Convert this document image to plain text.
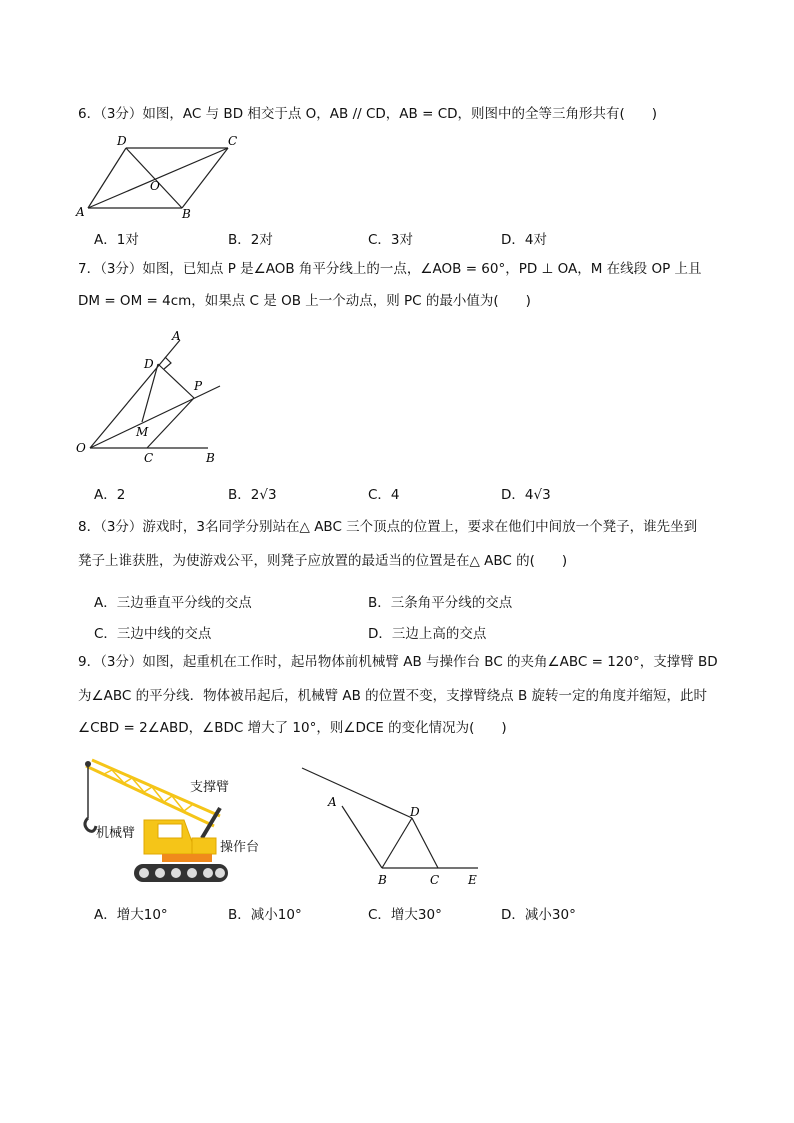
6．（3分）如图，AC 与 BD 相交于点 O，AB // CD，AB = CD，则图中的全等三角形共有(　　)
D	C
O
A	B
A．1对	B．2对	C．3对	D．4对
7．（3分）如图，已知点 P 是∠AOB 角平分线上的一点，∠AOB = 60°，PD ⊥ OA，M 在线段 OP 上且
DM = OM = 4cm，如果点 C 是 OB 上一个动点，则 PC 的最小值为(　　)
A
D
P
M
O
C	B
A．2	B．2√3	C．4	D．4√3
8．（3分）游戏时，3名同学分别站在△ ABC 三个顶点的位置上，要求在他们中间放一个凳子，谁先坐到
凳子上谁获胜，为使游戏公平，则凳子应放置的最适当的位置是在△ ABC 的(　　)
A．三边垂直平分线的交点	B．三条角平分线的交点
C．三边中线的交点	D．三边上高的交点
9．（3分）如图，起重机在工作时，起吊物体前机械臂 AB 与操作台 BC 的夹角∠ABC = 120°，支撑臂 BD
为∠ABC 的平分线．物体被吊起后，机械臂 AB 的位置不变，支撑臂绕点 B 旋转一定的角度并缩短，此时
∠CBD = 2∠ABD，∠BDC 增大了 10°，则∠DCE 的变化情况为(　　)
支撑臂
机械臂
操作台
A
D
B	C E
A．增大10°	B．减小10°	C．增大30°	D．减小30°
